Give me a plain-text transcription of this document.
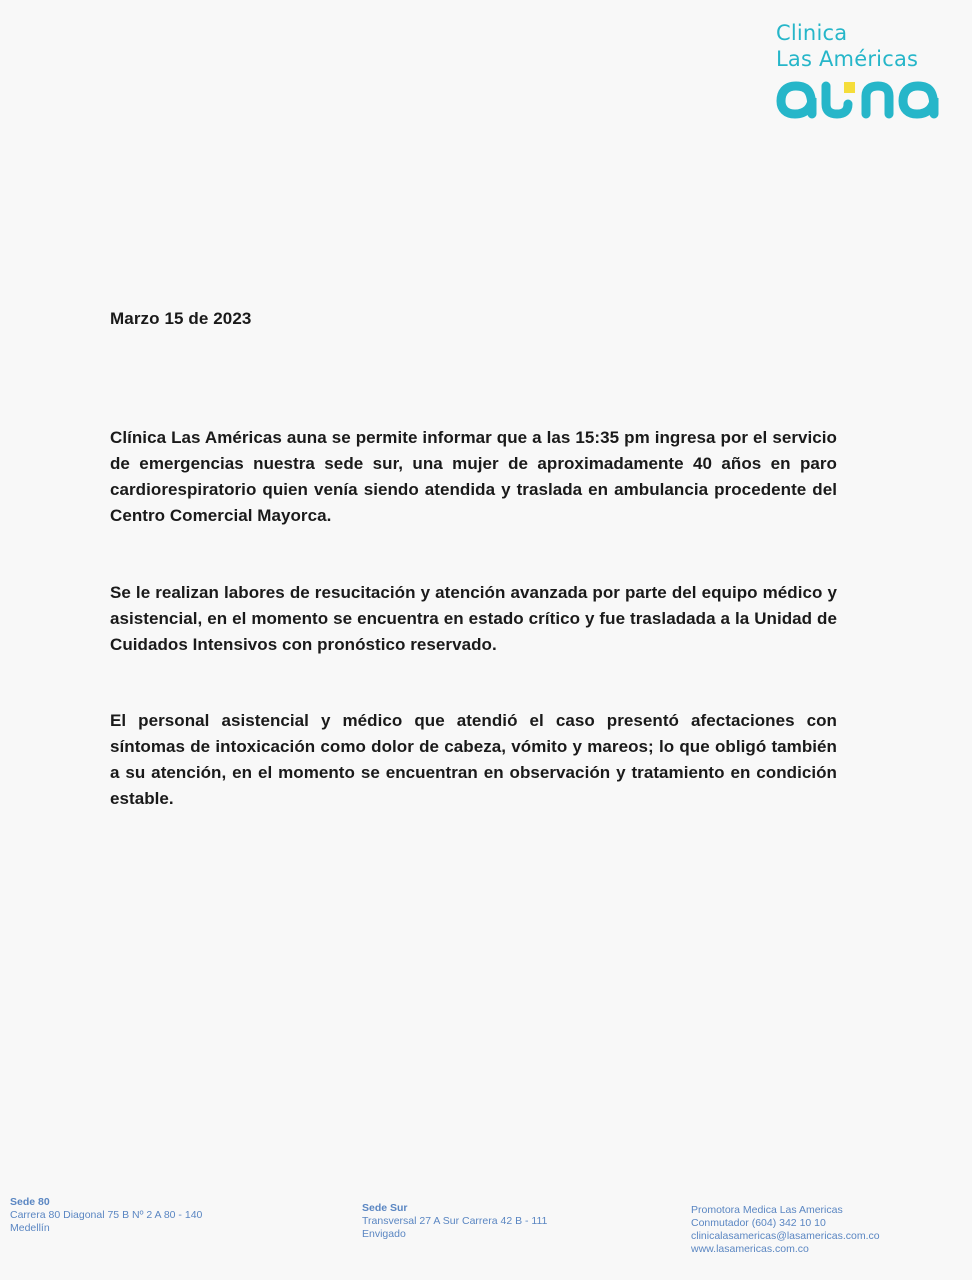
Clinica
Las Américas
Marzo 15 de 2023
Clínica Las Américas auna se permite informar que a las 15:35 pm ingresa por el servicio de emergencias nuestra sede sur, una mujer de aproximadamente 40 años en paro cardiorespiratorio quien venía siendo atendida y traslada en ambulancia procedente del Centro Comercial Mayorca.
Se le realizan labores de resucitación y atención avanzada por parte del equipo médico y asistencial, en el momento se encuentra en estado crítico y fue trasladada a la Unidad de Cuidados Intensivos con pronóstico reservado.
El personal asistencial y médico que atendió el caso presentó afectaciones con síntomas de intoxicación como dolor de cabeza, vómito y mareos; lo que obligó también a su atención, en el momento se encuentran en observación y tratamiento en condición estable.
Sede 80
Carrera 80 Diagonal 75 B Nº 2 A 80 - 140
Medellín
Sede Sur
Transversal 27 A Sur Carrera 42 B - 111
Envigado
Promotora Medica Las Americas
Conmutador (604) 342 10 10
clinicalasamericas@lasamericas.com.co
www.lasamericas.com.co
